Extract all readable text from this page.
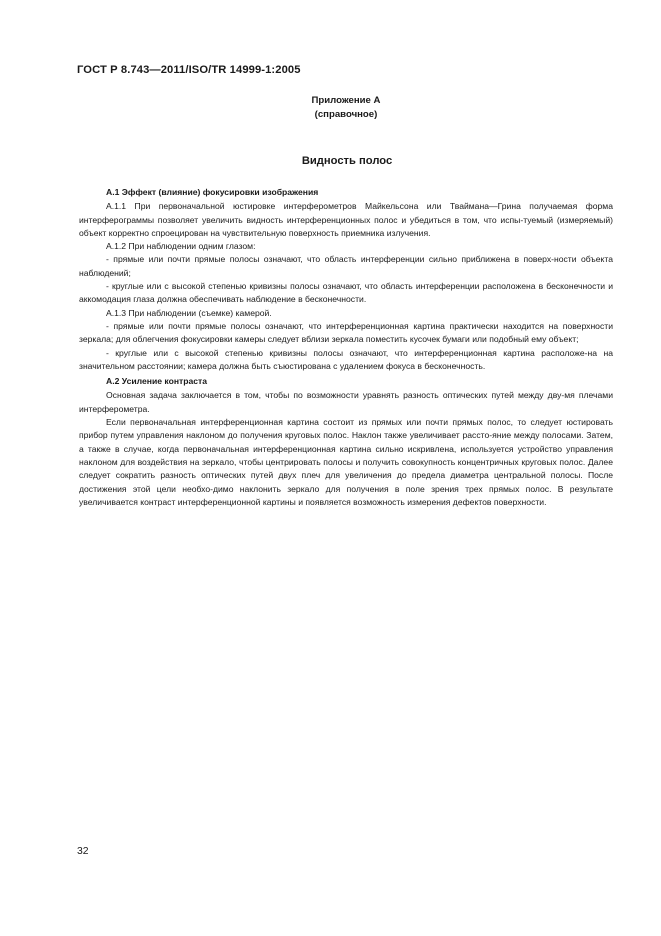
ГОСТ Р 8.743—2011/ISO/TR 14999-1:2005
Приложение А
(справочное)
Видность полос

А.1 Эффект (влияние) фокусировки изображения

А.1.1 При первоначальной юстировке интерферометров Майкельсона или Тваймана—Грина получаемая форма интерферограммы позволяет увеличить видность интерференционных полос и убедиться в том, что испы-туемый (измеряемый) объект корректно спроецирован на чувствительную поверхность приемника излучения.

А.1.2 При наблюдении одним глазом:

- прямые или почти прямые полосы означают, что область интерференции сильно приближена в поверх-ности объекта наблюдений;

- круглые или с высокой степенью кривизны полосы означают, что область интерференции расположена в бесконечности и аккомодация глаза должна обеспечивать наблюдение в бесконечности.

А.1.3 При наблюдении (съемке) камерой.

- прямые или почти прямые полосы означают, что интерференционная картина практически находится на поверхности зеркала; для облегчения фокусировки камеры следует вблизи зеркала поместить кусочек бумаги или подобный ему объект;

- круглые или с высокой степенью кривизны полосы означают, что интерференционная картина расположе-на на значительном расстоянии; камера должна быть съюстирована с удалением фокуса в бесконечность.

А.2 Усиление контраста

Основная задача заключается в том, чтобы по возможности уравнять разность оптических путей между дву-мя плечами интерферометра.

Если первоначальная интерференционная картина состоит из прямых или почти прямых полос, то следует юстировать прибор путем управления наклоном до получения круговых полос. Наклон также увеличивает рассто-яние между полосами. Затем, а также в случае, когда первоначальная интерференционная картина сильно искривлена, используется устройство управления наклоном для воздействия на зеркало, чтобы центрировать полосы и получить совокупность концентричных круговых полос. Далее следует сократить разность оптических путей двух плеч для увеличения до предела диаметра центральной полосы. После достижения этой цели необхо-димо наклонить зеркало для получения в поле зрения трех прямых полос. В результате увеличивается контраст интерференционной картины и появляется возможность измерения дефектов поверхности.

32
